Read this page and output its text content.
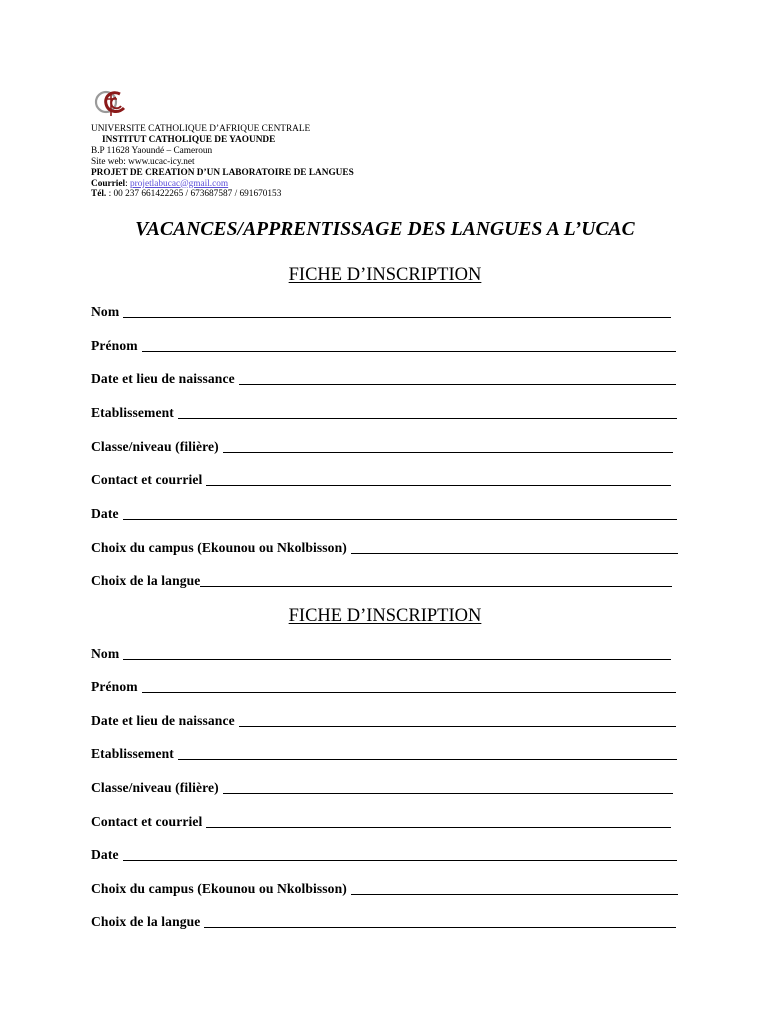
UNIVERSITE CATHOLIQUE D’AFRIQUE CENTRALE
INSTITUT CATHOLIQUE DE YAOUNDE
B.P 11628 Yaoundé – Cameroun
Site web: www.ucac-icy.net
PROJET DE CREATION D’UN LABORATOIRE DE LANGUES
Courriel: projetlabucac@gmail.com
Tél. : 00 237 661422265 / 673687587 / 691670153
VACANCES/APPRENTISSAGE DES LANGUES A L’UCAC
FICHE D’INSCRIPTION
Nom
Prénom
Date et lieu de naissance
Etablissement
Classe/niveau (filière)
Contact et courriel
Date
Choix du campus (Ekounou ou Nkolbisson)
Choix de la langue
FICHE D’INSCRIPTION
Nom
Prénom
Date et lieu de naissance
Etablissement
Classe/niveau (filière)
Contact et courriel
Date
Choix du campus (Ekounou ou Nkolbisson)
Choix de la langue
